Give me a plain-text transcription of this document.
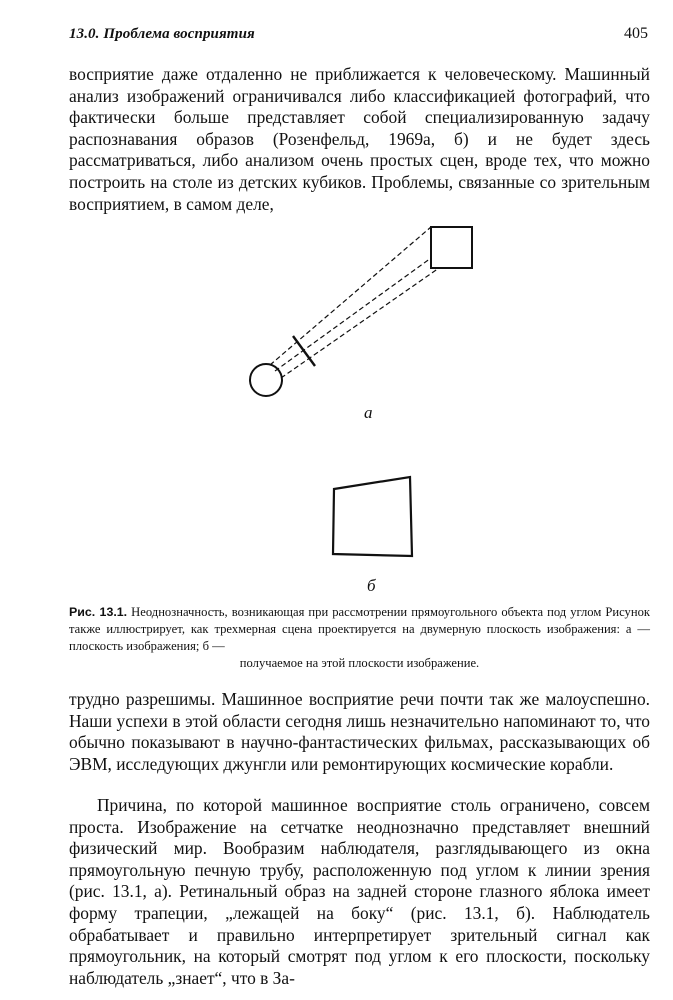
13.0. Проблема восприятия	405
восприятие даже отдаленно не приближается к человеческому. Машинный анализ изображений ограничивался либо классификацией фотографий, что фактически больше представляет собой специализированную задачу распознавания образов (Розенфельд, 1969а, б) и не будет здесь рассматриваться, либо анализом очень простых сцен, вроде тех, что можно построить на столе из детских кубиков. Проблемы, связанные со зрительным восприятием, в самом деле,
a
б
Рис. 13.1. Неоднозначность, возникающая при рассмотрении прямоугольного объекта под углом Рисунок также иллюстрирует, как трехмерная сцена проектируется на двумерную плоскость изображения: а — плоскость изображения; б —
получаемое на этой плоскости изображение.
трудно разрешимы. Машинное восприятие речи почти так же малоуспешно. Наши успехи в этой области сегодня лишь незначительно напоминают то, что обычно показывают в научно-фантастических фильмах, рассказывающих об ЭВМ, исследующих джунгли или ремонтирующих космические корабли.
Причина, по которой машинное восприятие столь ограничено, совсем проста. Изображение на сетчатке неоднозначно представляет внешний физический мир. Вообразим наблюдателя, разглядывающего из окна прямоугольную печную трубу, расположенную под углом к линии зрения (рис. 13.1, а). Ретинальный образ на задней стороне глазного яблока имеет форму трапеции, „лежащей на боку“ (рис. 13.1, б). Наблюдатель обрабатывает и правильно интерпретирует зрительный сигнал как прямоугольник, на который смотрят под углом к его плоскости, поскольку наблюдатель „знает“, что в За-
